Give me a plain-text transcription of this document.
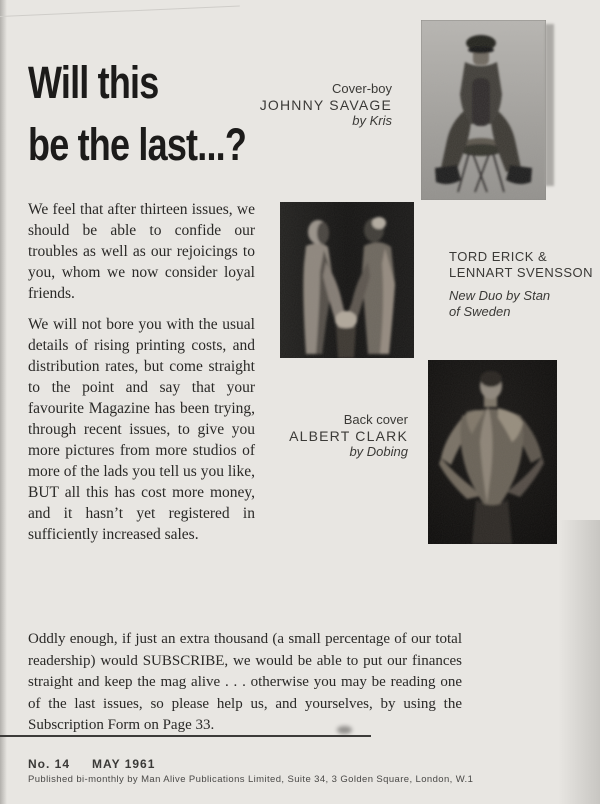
Will this
be the last...?
Cover-boy
JOHNNY SAVAGE
by Kris
TORD ERICK &
LENNART SVENSSON
New Duo by Stan
of Sweden
Back cover
ALBERT CLARK
by Dobing

We feel that after thirteen issues, we should be able to confide our troubles as well as our rejoicings to you, whom we now consider loyal friends.

We will not bore you with the usual details of rising printing costs, and distribution rates, but come straight to the point and say that your favourite Magazine has been trying, through recent issues, to give you more pictures from more studios of more of the lads you tell us you like, BUT all this has cost more money, and it hasn’t yet registered in sufficiently increased sales.

Oddly enough, if just an extra thousand (a small percentage of our total readership) would SUBSCRIBE, we would be able to put our finances straight and keep the mag alive . . . otherwise you may be reading one of the last issues, so please help us, and yourselves, by using the Subscription Form on Page 33.
No. 14 MAY 1961
Published bi-monthly by Man Alive Publications Limited, Suite 34, 3 Golden Square, London, W.1
